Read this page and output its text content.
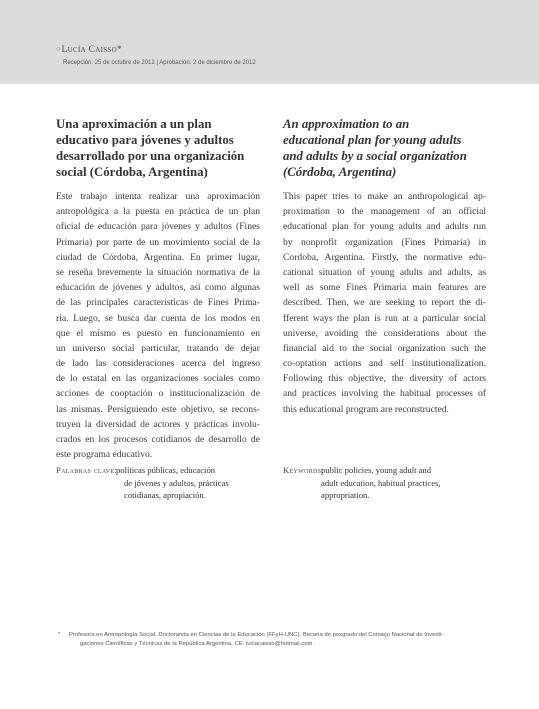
○Lucía Caisso*
Recepción: 25 de octubre de 2012 | Aprobación: 2 de diciembre de 2012
Una aproximación a un plan
educativo para jóvenes y adultos
desarrollado por una organización
social (Córdoba, Argentina)
Este trabajo intenta realizar una aproximación
antropológica a la puesta en práctica de un plan
oficial de educación para jóvenes y adultos (Fines
Primaria) por parte de un movimiento social de la
ciudad de Córdoba, Argentina. En primer lugar,
se reseña brevemente la situación normativa de la
educación de jóvenes y adultos, así como algunas
de las principales características de Fines Prima-
ria. Luego, se busca dar cuenta de los modos en
que el mismo es puesto en funcionamiento en
un universo social particular, tratando de dejar
de lado las consideraciones acerca del ingreso
de lo estatal en las organizaciones sociales como
acciones de cooptación o institucionalización de
las mismas. Persiguiendo este objetivo, se recons-
truyen la diversidad de actores y prácticas involu-
crados en los procesos cotidianos de desarrollo de
este programa educativo.
An approximation to an
educational plan for young adults
and adults by a social organization
(Córdoba, Argentina)
This paper tries to make an anthropological ap-
proximation to the management of an official
educational plan for young adults and adults run
by nonprofit organization (Fines Primaria) in
Cordoba, Argentina. Firstly, the normative edu-
cational situation of young adults and adults, as
well as some Fines Primaria main features are
described. Then, we are seeking to report the di-
fferent ways the plan is run at a particular social
universe, avoiding the considerations about the
financial aid to the social organization such the
co-optation actions and self institutionalization.
Following this objective, the diversity of actors
and practices involving the habitual processes of
this educational program are reconstructed.
Palabras clave:
políticas públicas, educación
de jóvenes y adultos, prácticas
cotidianas, apropiación.
Keywords:
public policies, young adult and
adult education, habitual practices,
appropriation.
* Profesora en Antropología Social. Doctoranda en Ciencias de la Educación (FFyH-UNC). Becaria de posgrado del Consejo Nacional de Investi-
gaciones Científicas y Técnicas de la República Argentina. CE: luciacaisso@hotmail.com .
